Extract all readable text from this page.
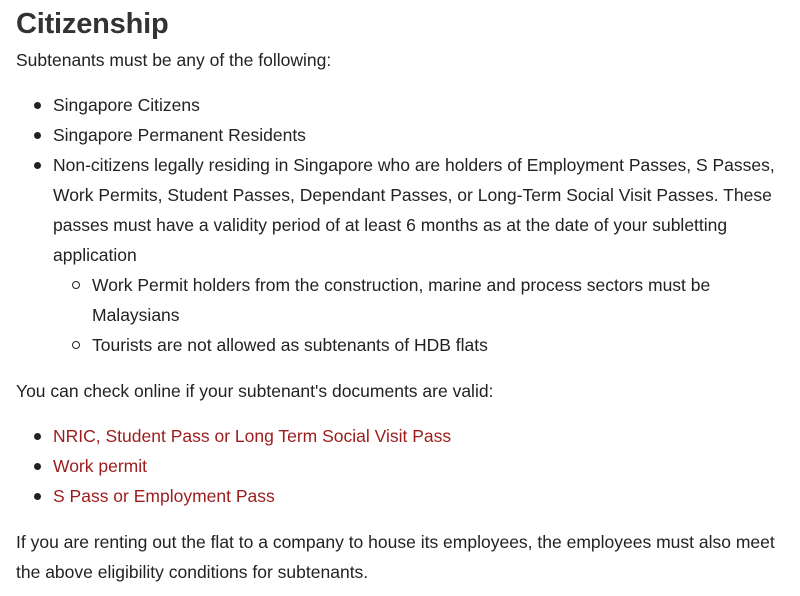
Citizenship

Subtenants must be any of the following:

Singapore Citizens
Singapore Permanent Residents
Non-citizens legally residing in Singapore who are holders of Employment Passes, S Passes, Work Permits, Student Passes, Dependant Passes, or Long-Term Social Visit Passes. These passes must have a validity period of at least 6 months as at the date of your subletting application
Work Permit holders from the construction, marine and process sectors must be Malaysians
Tourists are not allowed as subtenants of HDB flats

You can check online if your subtenant's documents are valid:

NRIC, Student Pass or Long Term Social Visit Pass
Work permit
S Pass or Employment Pass

If you are renting out the flat to a company to house its employees, the employees must also meet the above eligibility conditions for subtenants.
